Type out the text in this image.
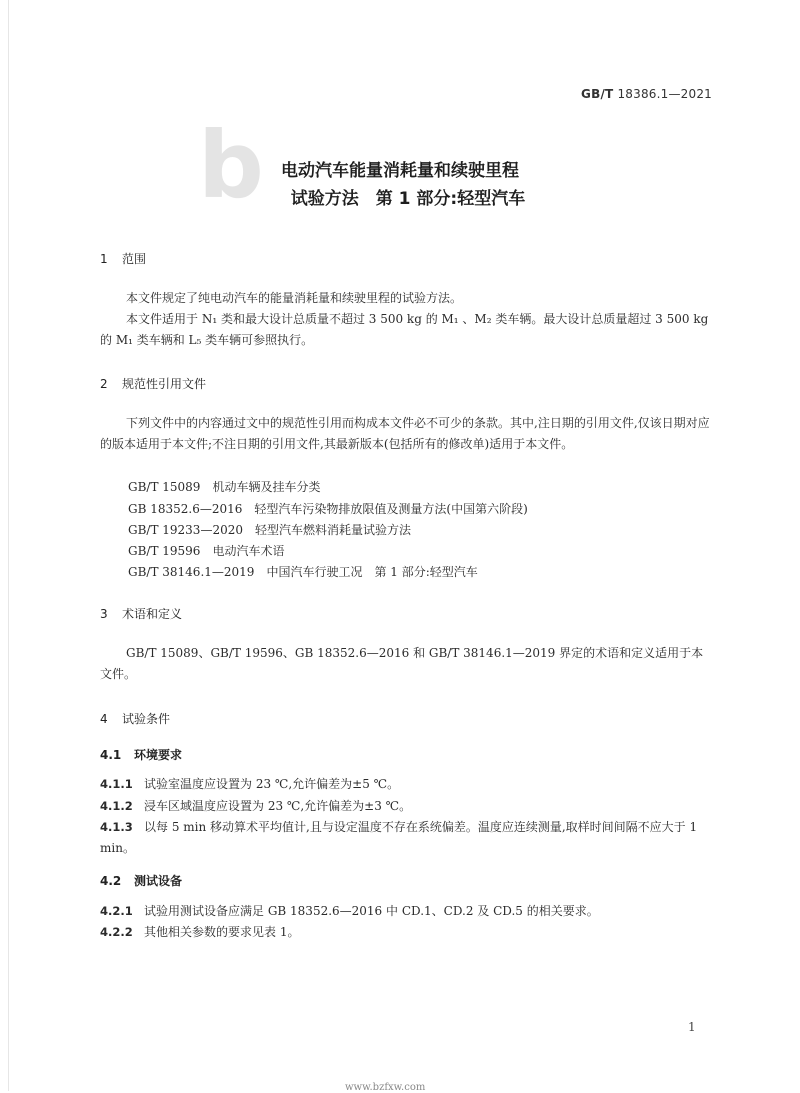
GB/T 18386.1—2021
b 电动汽车能量消耗量和续驶里程
试验方法　第 1 部分:轻型汽车
1 范围
本文件规定了纯电动汽车的能量消耗量和续驶里程的试验方法。
本文件适用于 N₁ 类和最大设计总质量不超过 3 500 kg 的 M₁ 、M₂ 类车辆。最大设计总质量超过 3 500 kg的 M₁ 类车辆和 L₅ 类车辆可参照执行。
2 规范性引用文件
下列文件中的内容通过文中的规范性引用而构成本文件必不可少的条款。其中,注日期的引用文件,仅该日期对应的版本适用于本文件;不注日期的引用文件,其最新版本(包括所有的修改单)适用于本文件。
GB/T 15089　 机动车辆及挂车分类
GB 18352.6—2016　 轻型汽车污染物排放限值及测量方法(中国第六阶段)
GB/T 19233—2020　 轻型汽车燃料消耗量试验方法
GB/T 19596　 电动汽车术语
GB/T 38146.1—2019　 中国汽车行驶工况　第 1 部分:轻型汽车
3 术语和定义
GB/T 15089、GB/T 19596、GB 18352.6—2016 和 GB/T 38146.1—2019 界定的术语和定义适用于本文件。
4 试验条件
4.1 环境要求
4.1.1 试验室温度应设置为 23 ℃,允许偏差为±5 ℃。
4.1.2 浸车区域温度应设置为 23 ℃,允许偏差为±3 ℃。
4.1.3 以每 5 min 移动算术平均值计,且与设定温度不存在系统偏差。温度应连续测量,取样时间间隔不应大于 1 min。
4.2 测试设备
4.2.1 试验用测试设备应满足 GB 18352.6—2016 中 CD.1、CD.2 及 CD.5 的相关要求。
4.2.2 其他相关参数的要求见表 1。
1
www.bzfxw.com
